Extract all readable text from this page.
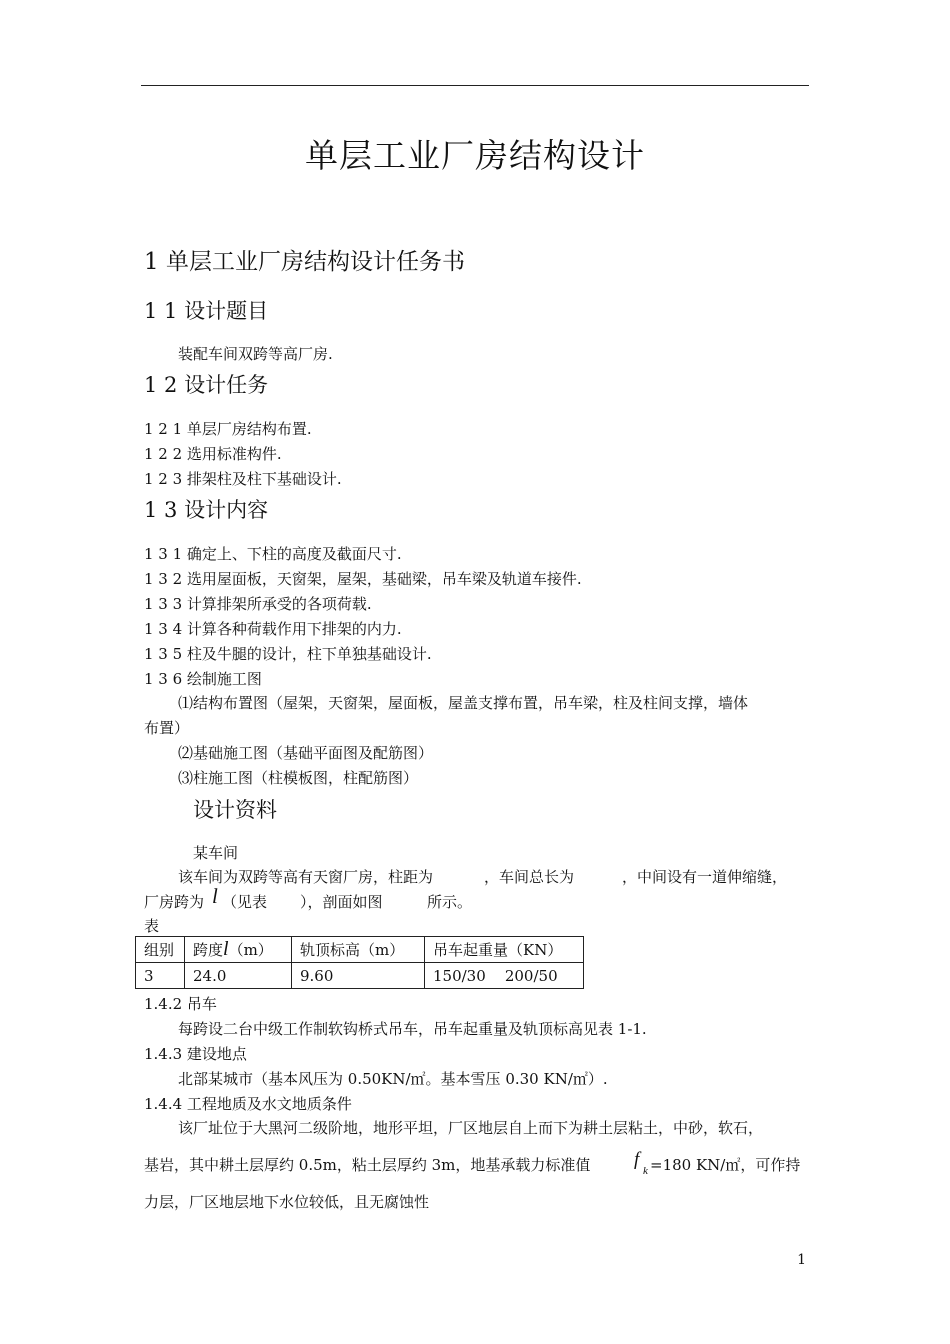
单层工业厂房结构设计
1 单层工业厂房结构设计任务书
1 1 设计题目
装配车间双跨等高厂房.
1 2 设计任务
1 2 1 单层厂房结构布置.
1 2 2 选用标准构件.
1 2 3 排架柱及柱下基础设计.
1 3 设计内容
1 3 1 确定上、下柱的高度及截面尺寸.
1 3 2 选用屋面板，天窗架，屋架，基础梁，吊车梁及轨道车接件.
1 3 3 计算排架所承受的各项荷载.
1 3 4 计算各种荷载作用下排架的内力.
1 3 5 柱及牛腿的设计，柱下单独基础设计.
1 3 6 绘制施工图
⑴结构布置图（屋架，天窗架，屋面板，屋盖支撑布置，吊车梁，柱及柱间支撑，墙体
布置）
⑵基础施工图（基础平面图及配筋图）
⑶柱施工图（柱模板图，柱配筋图）
设计资料
某车间
该车间为双跨等高有天窗厂房，柱距为	，车间总长为	，中间设有一道伸缩缝，
厂房跨为 l （见表 ），剖面如图	所示。
表
组别	跨度l（m）	轨顶标高（m）	吊车起重量（KN）
3	24.0	9.60	150/30    200/50
1.4.2 吊车
每跨设二台中级工作制软钩桥式吊车，吊车起重量及轨顶标高见表 1-1.
1.4.3 建设地点
北部某城市（基本风压为 0.50KN/㎡。基本雪压 0.30 KN/㎡）.
1.4.4 工程地质及水文地质条件
该厂址位于大黑河二级阶地，地形平坦，厂区地层自上而下为耕土层粘土，中砂，软石，
基岩，其中耕土层厚约 0.5m，粘土层厚约 3m，地基承载力标准值 f
k =180 KN/㎡，可作持
力层，厂区地层地下水位较低，且无腐蚀性
1
